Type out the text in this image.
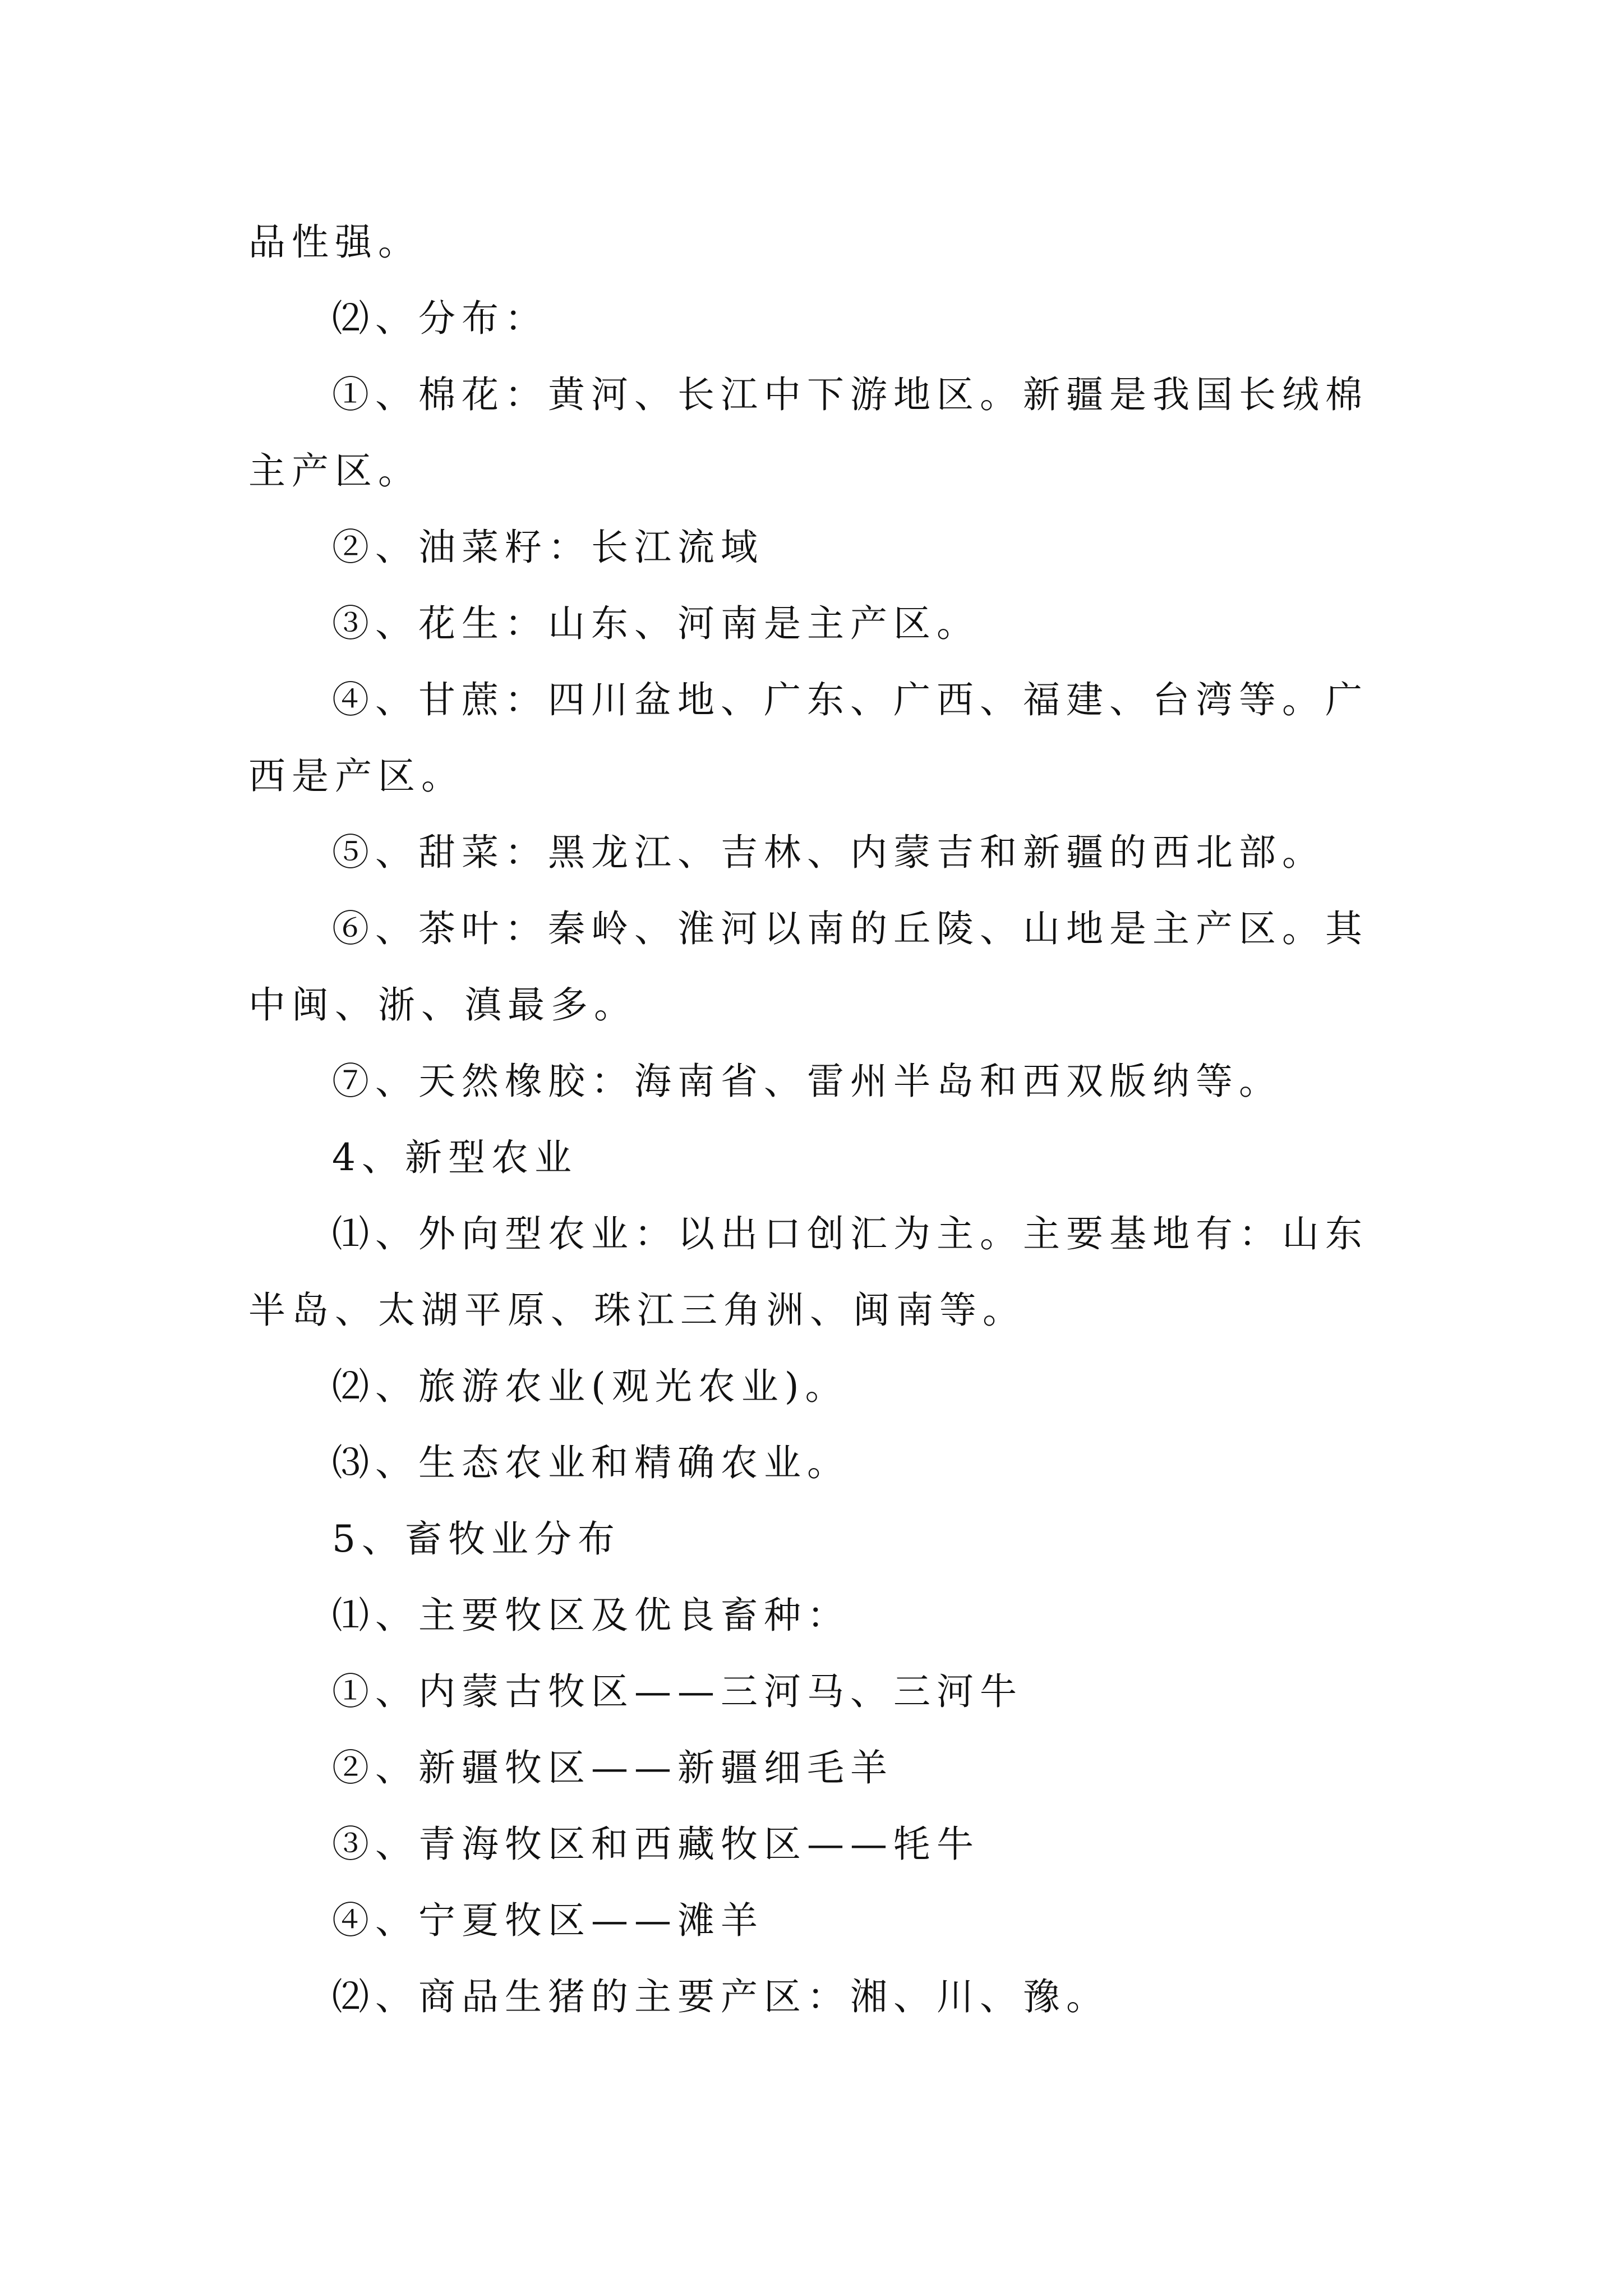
品性强。
⑵、分布：
①、棉花：黄河、长江中下游地区。新疆是我国长绒棉
主产区。
②、油菜籽：长江流域
③、花生：山东、河南是主产区。
④、甘蔗：四川盆地、广东、广西、福建、台湾等。广
西是产区。
⑤、甜菜：黑龙江、吉林、内蒙吉和新疆的西北部。
⑥、茶叶：秦岭、淮河以南的丘陵、山地是主产区。其
中闽、浙、滇最多。
⑦、天然橡胶：海南省、雷州半岛和西双版纳等。
4、新型农业
⑴、外向型农业：以出口创汇为主。主要基地有：山东
半岛、太湖平原、珠江三角洲、闽南等。
⑵、旅游农业(观光农业)。
⑶、生态农业和精确农业。
5、畜牧业分布
⑴、主要牧区及优良畜种：
①、内蒙古牧区——三河马、三河牛
②、新疆牧区——新疆细毛羊
③、青海牧区和西藏牧区——牦牛
④、宁夏牧区——滩羊
⑵、商品生猪的主要产区：湘、川、豫。
